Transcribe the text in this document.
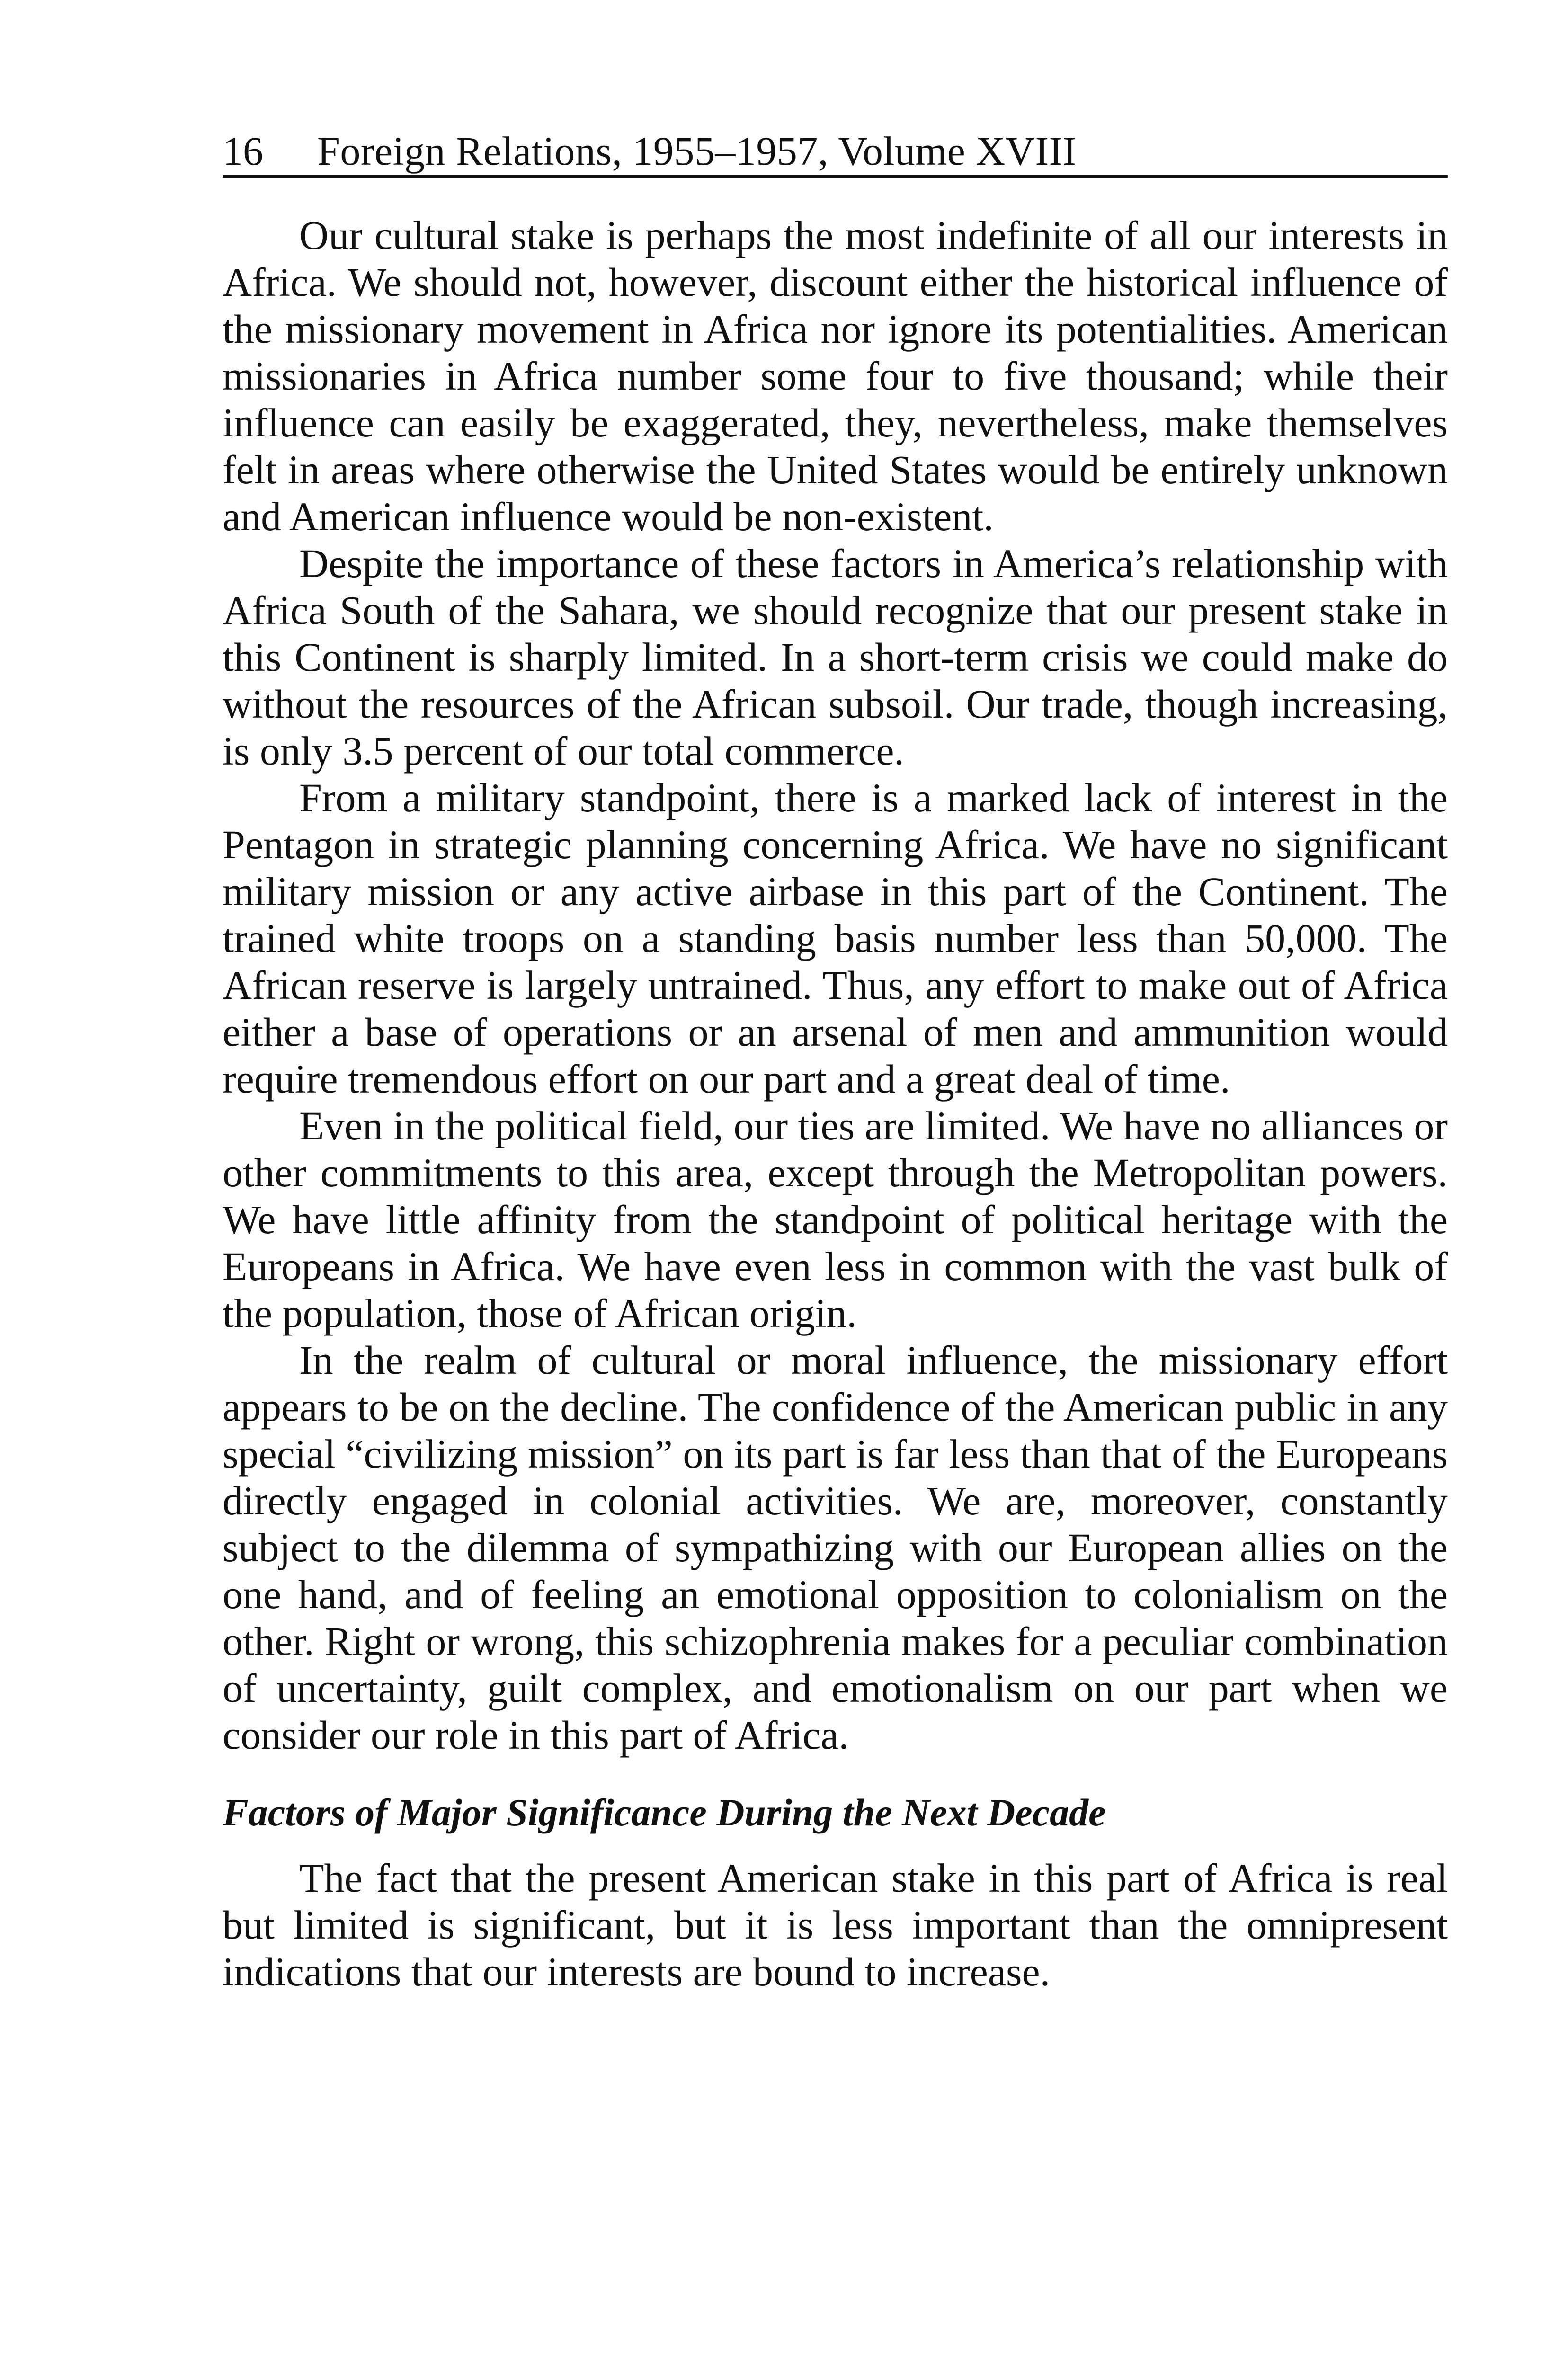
16 Foreign Relations, 1955–1957, Volume XVIII

Our cultural stake is perhaps the most indefinite of all our interests in Africa. We should not, however, discount either the historical influence of the missionary movement in Africa nor ignore its potentialities. American missionaries in Africa number some four to five thousand; while their influence can easily be exaggerated, they, nevertheless, make themselves felt in areas where otherwise the United States would be entirely unknown and American influence would be non-existent.

Despite the importance of these factors in America’s relationship with Africa South of the Sahara, we should recognize that our present stake in this Continent is sharply limited. In a short-term crisis we could make do without the resources of the African subsoil. Our trade, though increasing, is only 3.5 percent of our total commerce.

From a military standpoint, there is a marked lack of interest in the Pentagon in strategic planning concerning Africa. We have no significant military mission or any active airbase in this part of the Continent. The trained white troops on a standing basis number less than 50,000. The African reserve is largely untrained. Thus, any effort to make out of Africa either a base of operations or an arsenal of men and ammunition would require tremendous effort on our part and a great deal of time.

Even in the political field, our ties are limited. We have no alliances or other commitments to this area, except through the Metropolitan powers. We have little affinity from the standpoint of political heritage with the Europeans in Africa. We have even less in common with the vast bulk of the population, those of African origin.

In the realm of cultural or moral influence, the missionary effort appears to be on the decline. The confidence of the American public in any special “civilizing mission” on its part is far less than that of the Europeans directly engaged in colonial activities. We are, moreover, constantly subject to the dilemma of sympathizing with our European allies on the one hand, and of feeling an emotional opposition to colonialism on the other. Right or wrong, this schizophrenia makes for a peculiar combination of uncertainty, guilt complex, and emotionalism on our part when we consider our role in this part of Africa.

Factors of Major Significance During the Next Decade

The fact that the present American stake in this part of Africa is real but limited is significant, but it is less important than the omnipresent indications that our interests are bound to increase.
